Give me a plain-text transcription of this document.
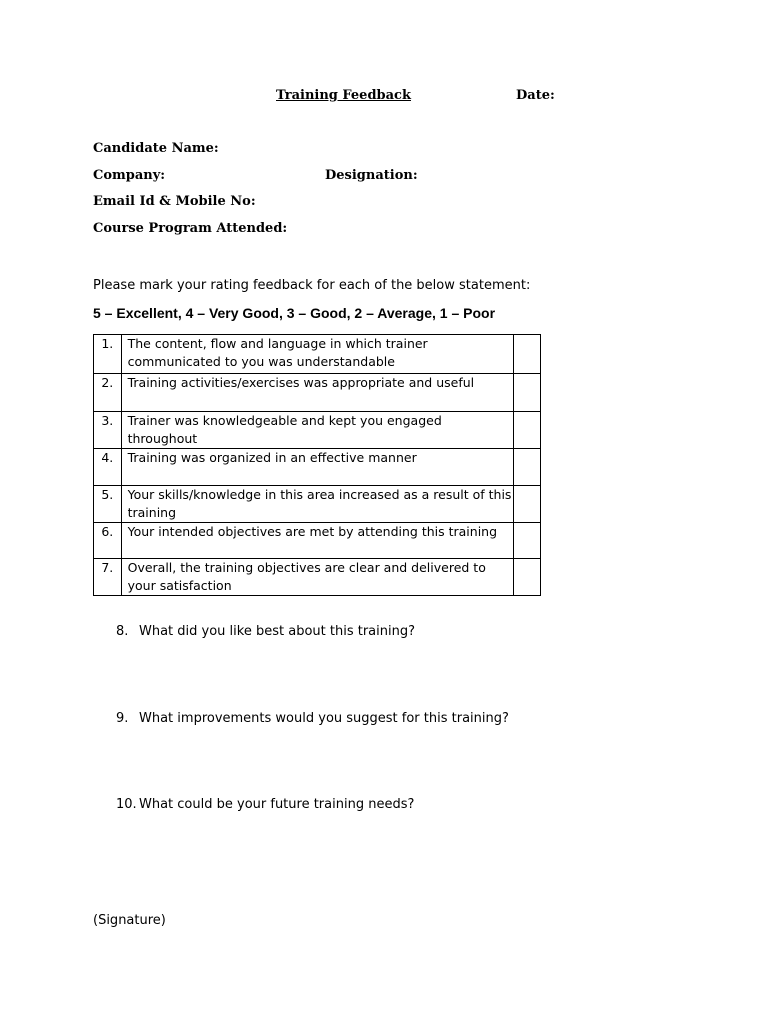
Training Feedback	Date:
Candidate Name:
Company:	Designation:
Email Id & Mobile No:
Course Program Attended:
Please mark your rating feedback for each of the below statement:
5 – Excellent, 4 – Very Good, 3 – Good, 2 – Average, 1 – Poor
1.	The content, flow and language in which trainer communicated to you was understandable	
2.	Training activities/exercises was appropriate and useful	
3.	Trainer was knowledgeable and kept you engaged throughout	
4.	Training was organized in an effective manner	
5.	Your skills/knowledge in this area increased as a result of this training	
6.	Your intended objectives are met by attending this training	
7.	Overall, the training objectives are clear and delivered to your satisfaction	
8. What did you like best about this training?
9. What improvements would you suggest for this training?
10. What could be your future training needs?
(Signature)
